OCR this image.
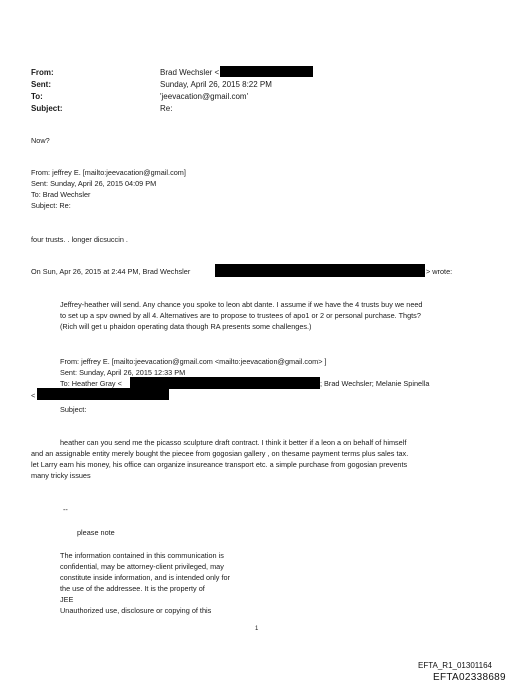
From:	Brad Wechsler <
Sent:	Sunday, April 26, 2015 8:22 PM
To:	'jeevacation@gmail.com'
Subject:	Re:
Now?
From: jeffrey E. [mailto:jeevacation@gmail.com]
Sent: Sunday, April 26, 2015 04:09 PM
To: Brad Wechsler
Subject: Re:
four trusts. . longer dicsuccin .
On Sun, Apr 26, 2015 at 2:44 PM, Brad Wechsler	> wrote:
Jeffrey-heather will send. Any chance you spoke to leon abt dante. I assume if we have the 4 trusts buy we need
to set up a spv owned by all 4. Alternatives are to propose to trustees of apo1 or 2 or personal purchase. Thgts?
(Rich will get u phaidon operating data though RA presents some challenges.)
From: jeffrey E. [mailto:jeevacation@gmail.com <mailto:jeevacation@gmail.com> ]
Sent: Sunday, April 26, 2015 12:33 PM
To: Heather Gray <	; Brad Wechsler; Melanie Spinella
<
Subject:
heather can you send me the picasso sculpture draft contract. I think it better if a leon a on behalf of himself
and an assignable entity merely bought the piecee from gogosian gallery , on thesame payment terms plus sales tax.
let Larry earn his money, his office can organize insureance transport etc. a simple purchase from gogosian prevents
many tricky issues
--
please note
The information contained in this communication is
confidential, may be attorney-client privileged, may
constitute inside information, and is intended only for
the use of the addressee. It is the property of
JEE
Unauthorized use, disclosure or copying of this
1
EFTA_R1_01301164
EFTA02338689
